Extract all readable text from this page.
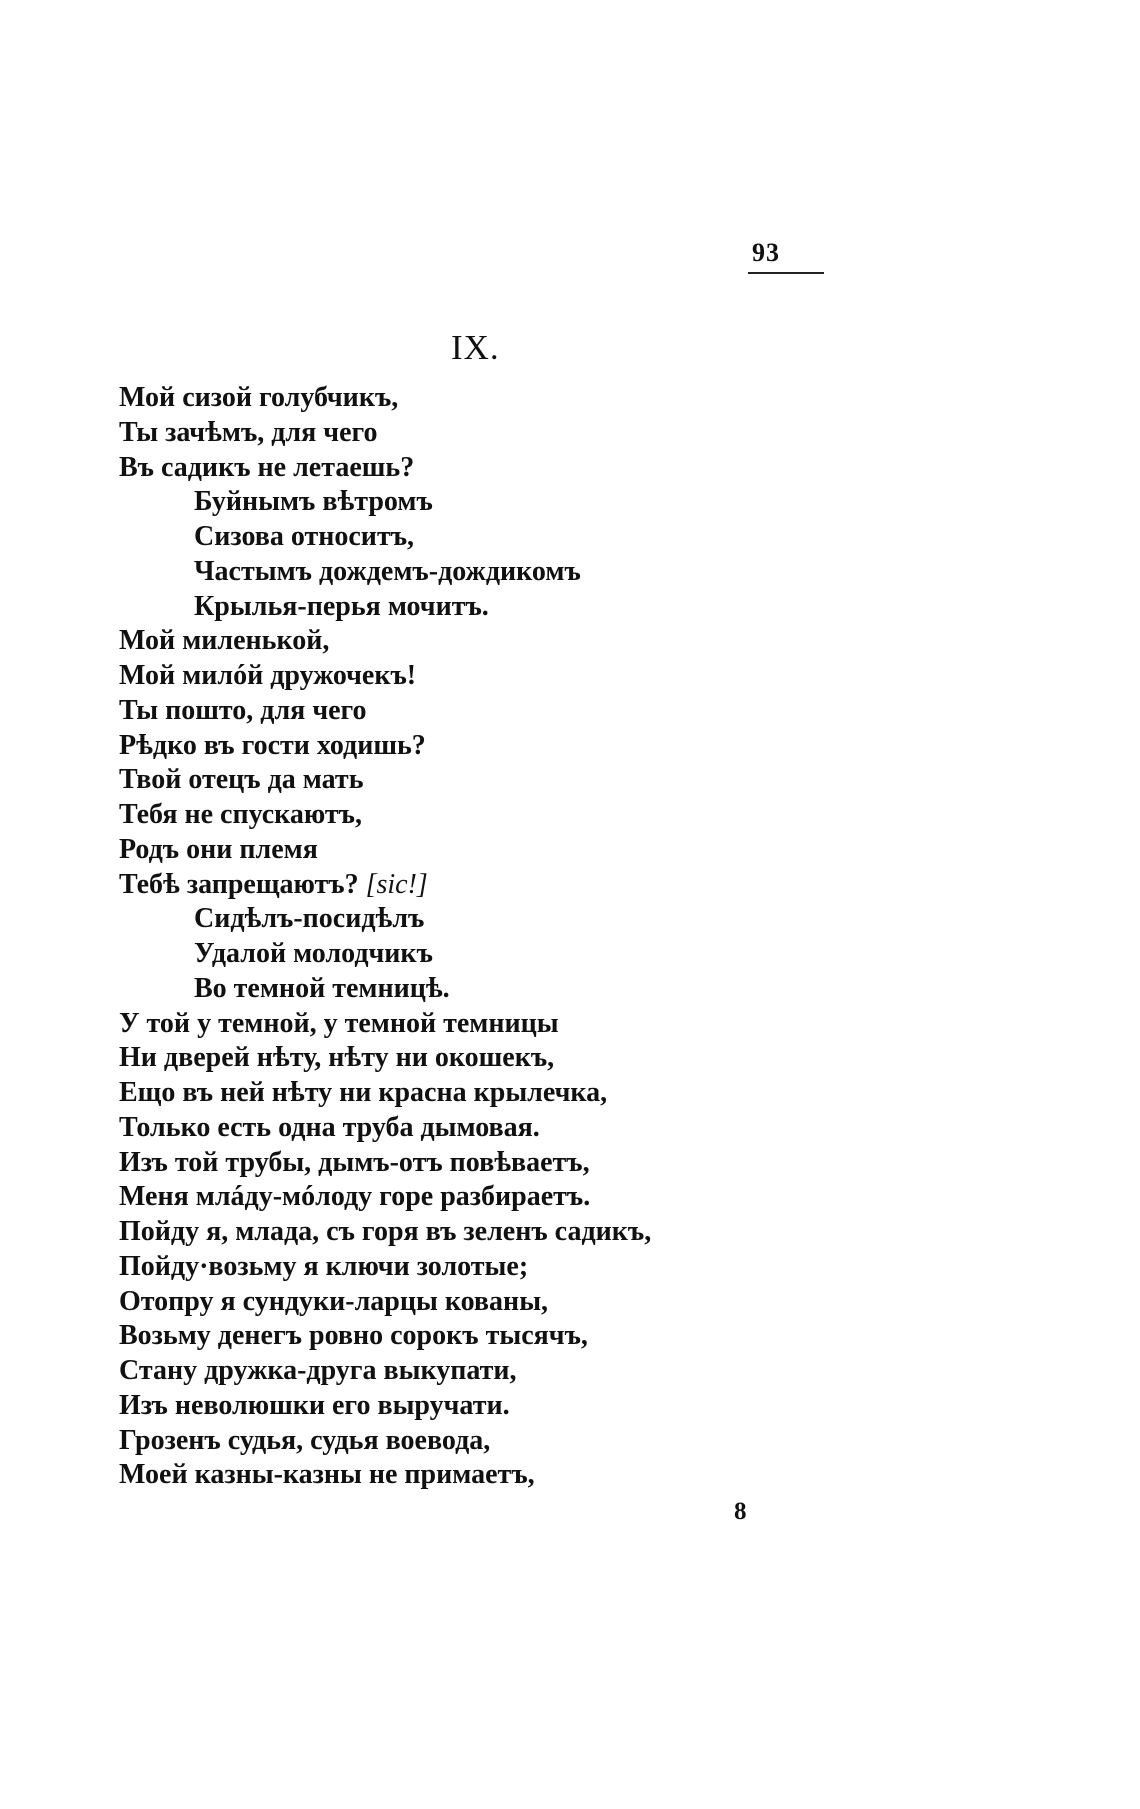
93
IX.
Мой сизой голубчикъ,
Ты зачѣмъ, для чего
Въ садикъ не летаешь?
Буйнымъ вѣтромъ
Сизова относитъ,
Частымъ дождемъ-дождикомъ
Крылья-перья мочитъ.
Мой миленькой,
Мой милóй дружочекъ!
Ты пошто, для чего
Рѣдко въ гости ходишь?
Твой отецъ да мать
Тебя не спускаютъ,
Родъ они племя
Тебѣ запрещаютъ? [sic!]
Сидѣлъ-посидѣлъ
Удалой молодчикъ
Во темной темницѣ.
У той у темной, у темной темницы
Ни дверей нѣту, нѣту ни окошекъ,
Ещо въ ней нѣту ни красна крылечка,
Только есть одна труба дымовая.
Изъ той трубы, дымъ-отъ повѣваетъ,
Меня млáду-мóлоду горе разбираетъ.
Пойду я, млада, съ горя въ зеленъ садикъ,
Пойду·возьму я ключи золотые;
Отопру я сундуки-ларцы кованы,
Возьму денегъ ровно сорокъ тысячъ,
Стану дружка-друга выкупати,
Изъ неволюшки его выручати.
Грозенъ судья, судья воевода,
Моей казны-казны не примаетъ,
8
